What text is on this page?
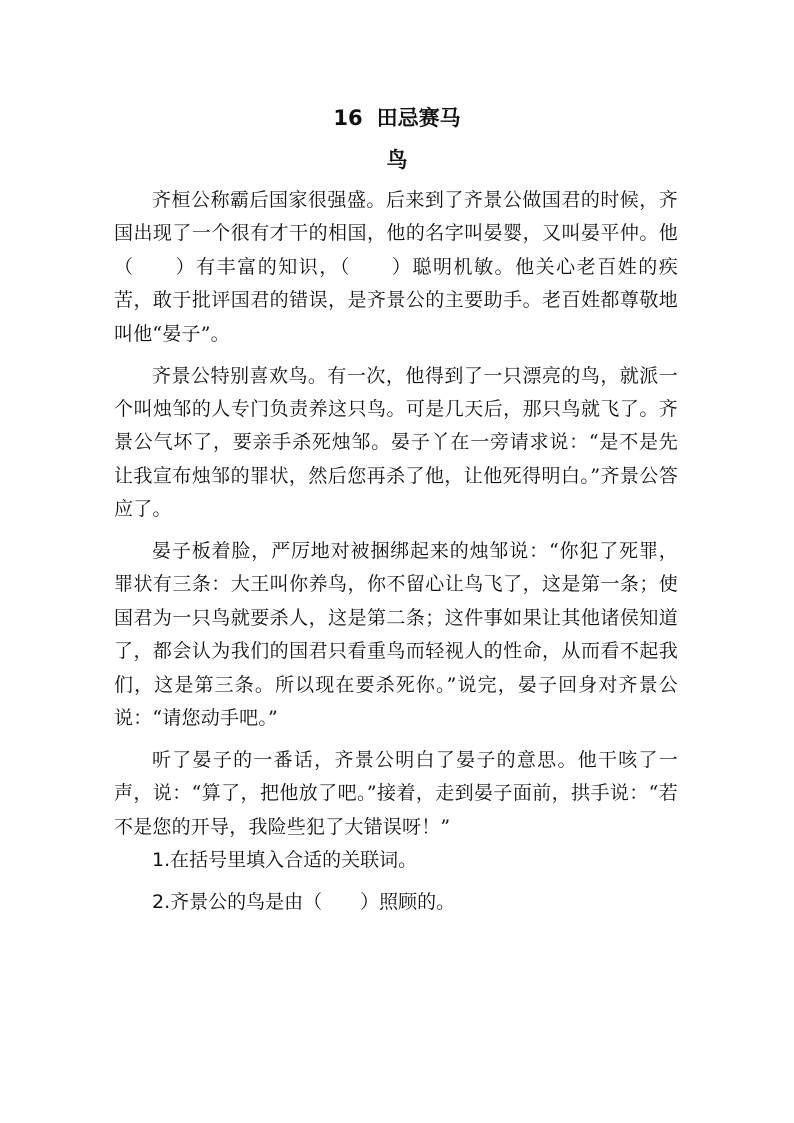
16 田忌赛马
鸟

齐桓公称霸后国家很强盛。后来到了齐景公做国君的时候，齐国出现了一个很有才干的相国，他的名字叫晏婴，又叫晏平仲。他（　　）有丰富的知识，（　　）聪明机敏。他关心老百姓的疾苦，敢于批评国君的错误，是齐景公的主要助手。老百姓都尊敬地叫他“晏子”。

齐景公特别喜欢鸟。有一次，他得到了一只漂亮的鸟，就派一个叫烛邹的人专门负责养这只鸟。可是几天后，那只鸟就飞了。齐景公气坏了，要亲手杀死烛邹。晏子丫在一旁请求说：“是不是先让我宣布烛邹的罪状，然后您再杀了他，让他死得明白。”齐景公答应了。

晏子板着脸，严厉地对被捆绑起来的烛邹说：“你犯了死罪，罪状有三条：大王叫你养鸟，你不留心让鸟飞了，这是第一条；使国君为一只鸟就要杀人，这是第二条；这件事如果让其他诸侯知道了，都会认为我们的国君只看重鸟而轻视人的性命，从而看不起我们，这是第三条。所以现在要杀死你。”说完，晏子回身对齐景公说：“请您动手吧。”

听了晏子的一番话，齐景公明白了晏子的意思。他干咳了一声，说：“算了，把他放了吧。”接着，走到晏子面前，拱手说：“若不是您的开导，我险些犯了大错误呀！”

1.在括号里填入合适的关联词。

2.齐景公的鸟是由（　　）照顾的。
